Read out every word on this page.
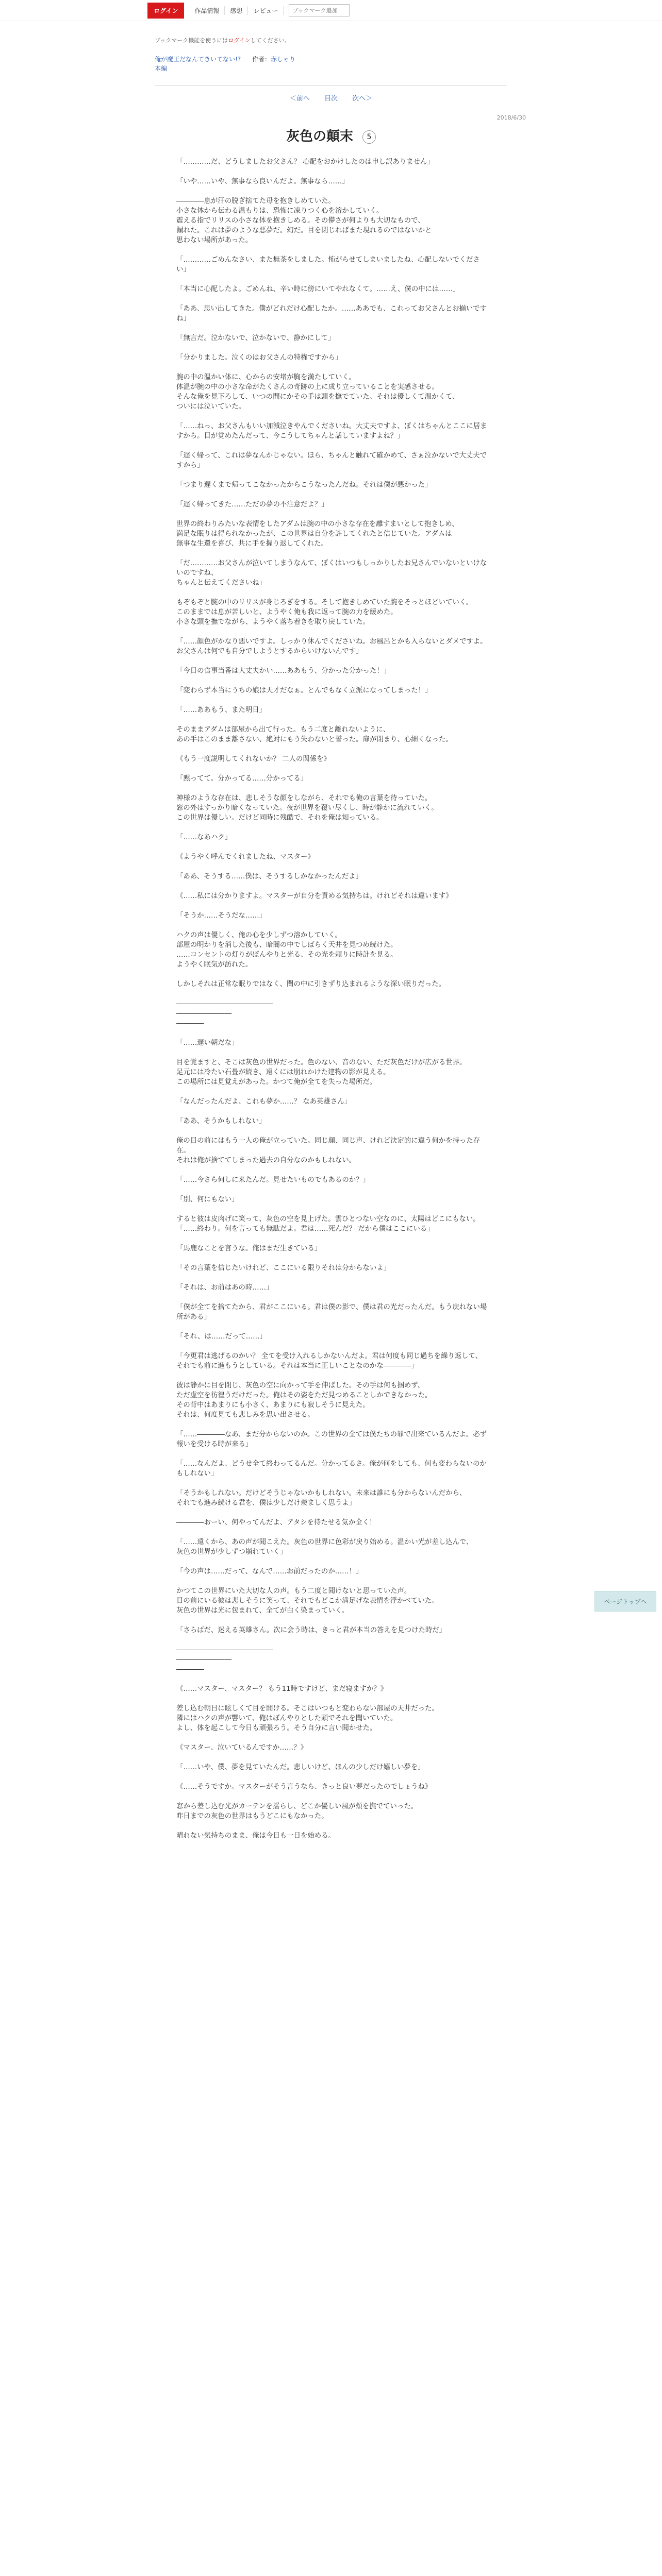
ログイン	作品情報	感想	レビュー
ブックマーク追加
ブックマーク機能を使うにはログインしてください。
俺が魔王だなんてきいてない!? 作者：赤しゃり
本編
＜前へ 目次 次へ＞
2018/6/30
灰色の顛末 5

「…………だ、どうしましたお父さん？ 心配をおかけしたのは申し訳ありません」

「いや……いや、無事なら良いんだよ。無事なら……」

――――息が汗の脱ぎ捨てた母を抱きしめていた。

小さな体から伝わる温もりは、恐怖に凍りつく心を溶かしていく。

震える指でリリスの小さな体を抱きしめる。その儚さが何よりも大切なもので、

漏れた。これは夢のような悪夢だ。幻だ。目を閉じればまた現れるのではないかと

思わない場所があった。

「…………ごめんなさい、また無茶をしました。怖がらせてしまいましたね、心配しないでください」

「本当に心配したよ。ごめんね、辛い時に傍にいてやれなくて。……え、僕の中には……」

「ああ、思い出してきた。僕がどれだけ心配したか。……ああでも、これってお父さんとお揃いですね」

「無言だ。泣かないで、泣かないで、静かにして」

「分かりました。泣くのはお父さんの特権ですから」

腕の中の温かい体に、心からの安堵が胸を満たしていく。

体温が腕の中の小さな命がたくさんの奇跡の上に成り立っていることを実感させる。

そんな俺を見下ろして、いつの間にかその手は頭を撫でていた。それは優しくて温かくて、

ついには泣いていた。

「……ねっ、お父さんもいい加減泣きやんでくださいね。大丈夫ですよ、ぼくはちゃんとここに居ますから。目が覚めたんだって、今こうしてちゃんと話していますよね？」

「遅く帰って、これは夢なんかじゃない。ほら、ちゃんと触れて確かめて、さぁ泣かないで大丈夫ですから」

「つまり遅くまで帰ってこなかったからこうなったんだね。それは僕が悪かった」

「遅く帰ってきた……ただの夢の不注意だよ？」

世界の終わりみたいな表情をしたアダムは腕の中の小さな存在を離すまいとして抱きしめ、

満足な眠りは得られなかったが、この世界は自分を許してくれたと信じていた。アダムは

無事な生還を喜び、共に手を握り返してくれた。

「だ…………お父さんが泣いてしまうなんて、ぼくはいつもしっかりしたお兄さんでいないといけないのですね、

ちゃんと伝えてくださいね」

もぞもぞと腕の中のリリスが身じろぎをする。そして抱きしめていた腕をそっとほどいていく。

このままでは息が苦しいと、ようやく俺も我に返って腕の力を緩めた。

小さな頭を撫でながら、ようやく落ち着きを取り戻していた。

「……顔色がかなり悪いですよ。しっかり休んでくださいね。お風呂とかも入らないとダメですよ。お父さんは何でも自分でしようとするからいけないんです」

「今日の食事当番は大丈夫かい……ああもう、分かった分かった！」

「変わらず本当にうちの娘は天才だなぁ。とんでもなく立派になってしまった！」

「……ああもう、また明日」

そのままアダムは部屋から出て行った。もう二度と離れないように、

あの手はこのまま離さない、絶対にもう失わないと誓った。扉が閉まり、心細くなった。

《もう一度説明してくれないか？ 二人の関係を》

「黙ってて。分かってる……分かってる」

神様のような存在は、悲しそうな顔をしながら、それでも俺の言葉を待っていた。

窓の外はすっかり暗くなっていた。夜が世界を覆い尽くし、時が静かに流れていく。

この世界は優しい。だけど同時に残酷で、それを俺は知っている。

「……なあハク」

《ようやく呼んでくれましたね、マスター》

「ああ、そうする……僕は、そうするしかなかったんだよ」

《……私には分かりますよ。マスターが自分を責める気持ちは。けれどそれは違います》

「そうか……そうだな……」

ハクの声は優しく、俺の心を少しずつ溶かしていく。

部屋の明かりを消した後も、暗闇の中でしばらく天井を見つめ続けた。

……コンセントの灯りがぼんやりと光る、その光を頼りに時計を見る。

ようやく眠気が訪れた。

しかしそれは正常な眠りではなく、闇の中に引きずり込まれるような深い眠りだった。

――――――――――――――

――――――――

――――

「……遅い朝だな」

目を覚ますと、そこは灰色の世界だった。色のない、音のない、ただ灰色だけが広がる世界。

足元には冷たい石畳が続き、遠くには崩れかけた建物の影が見える。

この場所には見覚えがあった。かつて俺が全てを失った場所だ。

「なんだったんだよ、これも夢か……？ なあ英雄さん」

「ああ、そうかもしれない」

俺の目の前にはもう一人の俺が立っていた。同じ顔、同じ声、けれど決定的に違う何かを持った存在。

それは俺が捨ててしまった過去の自分なのかもしれない。

「……今さら何しに来たんだ。見せたいものでもあるのか？」

「別、何にもない」

すると彼は皮肉げに笑って、灰色の空を見上げた。雲ひとつない空なのに、太陽はどこにもない。

「……終わり。何を言っても無駄だよ。君は……死んだ？ だから僕はここにいる」

「馬鹿なことを言うな。俺はまだ生きている」

「その言葉を信じたいけれど、ここにいる限りそれは分からないよ」

「それは、お前はあの時……」

「僕が全てを捨てたから、君がここにいる。君は僕の影で、僕は君の光だったんだ。もう戻れない場所がある」

「それ、は……だって……」

「今更君は逃げるのかい？ 全てを受け入れるしかないんだよ。君は何度も同じ過ちを繰り返して、

それでも前に進もうとしている。それは本当に正しいことなのかな――――」

彼は静かに目を閉じ、灰色の空に向かって手を伸ばした。その手は何も掴めず、

ただ虚空を彷徨うだけだった。俺はその姿をただ見つめることしかできなかった。

その背中はあまりにも小さく、あまりにも寂しそうに見えた。

それは、何度見ても悲しみを思い出させる。

「……――――なあ、まだ分からないのか。この世界の全ては僕たちの罪で出来ているんだよ。必ず報いを受ける時が来る」

「……なんだよ、どうせ全て終わってるんだ。分かってるさ。俺が何をしても、何も変わらないのかもしれない」

「そうかもしれない。だけどそうじゃないかもしれない。未来は誰にも分からないんだから、

それでも進み続ける君を、僕は少しだけ羨ましく思うよ」

――――おーい、何やってんだよ、アタシを待たせる気か全く！

「……遠くから、あの声が聞こえた。灰色の世界に色彩が戻り始める。温かい光が差し込んで、

灰色の世界が少しずつ崩れていく」

「今の声は……だって、なんで……お前だったのか……！」

かつてこの世界にいた大切な人の声。もう二度と聞けないと思っていた声。

目の前にいる彼は悲しそうに笑って、それでもどこか満足げな表情を浮かべていた。

灰色の世界は光に包まれて、全てが白く染まっていく。

「さらばだ、迷える英雄さん。次に会う時は、きっと君が本当の答えを見つけた時だ」

――――――――――――――

――――――――

――――

《……マスター、マスター？ もう11時ですけど、まだ寝ますか？》

差し込む朝日に眩しくて目を開ける。そこはいつもと変わらない部屋の天井だった。

隣にはハクの声が響いて、俺はぼんやりとした頭でそれを聞いていた。

よし、体を起こして今日も頑張ろう。そう自分に言い聞かせた。

《マスター、泣いているんですか……？》

「……いや、僕、夢を見ていたんだ。悲しいけど、ほんの少しだけ嬉しい夢を」

《……そうですか。マスターがそう言うなら、きっと良い夢だったのでしょうね》

窓から差し込む光がカーテンを揺らし、どこか優しい風が頬を撫でていった。

昨日までの灰色の世界はもうどこにもなかった。

晴れない気持ちのまま、俺は今日も一日を始める。

ページトップへ
